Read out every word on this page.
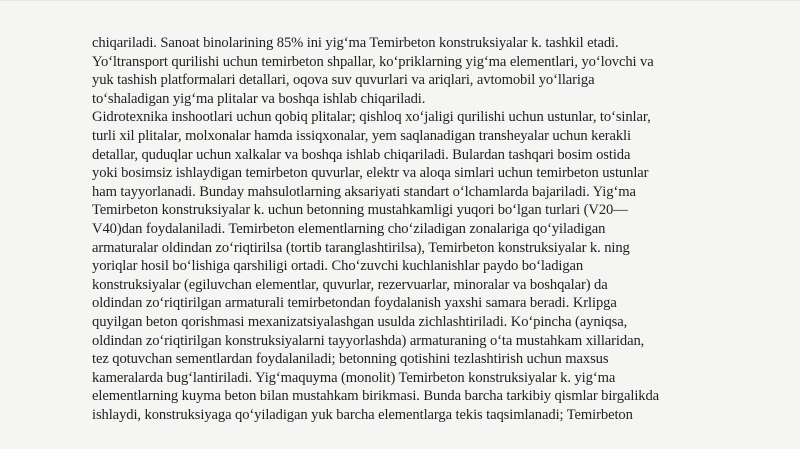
chiqariladi. Sanoat binolarining 85% ini yig‘ma Temirbeton konstruksiyalar k. tashkil etadi.
Yo‘ltransport qurilishi uchun temirbeton shpallar, ko‘priklarning yig‘ma elementlari, yo‘lovchi va
yuk tashish platformalari detallari, oqova suv quvurlari va ariqlari, avtomobil yo‘llariga
to‘shaladigan yig‘ma plitalar va boshqa ishlab chiqariladi.
Gidrotexnika inshootlari uchun qobiq plitalar; qishloq xo‘jaligi qurilishi uchun ustunlar, to‘sinlar,
turli xil plitalar, molxonalar hamda issiqxonalar, yem saqlanadigan transheyalar uchun kerakli
detallar, quduqlar uchun xalkalar va boshqa ishlab chiqariladi. Bulardan tashqari bosim ostida
yoki bosimsiz ishlaydigan temirbeton quvurlar, elektr va aloqa simlari uchun temirbeton ustunlar
ham tayyorlanadi. Bunday mahsulotlarning aksariyati standart o‘lchamlarda bajariladi. Yig‘ma
Temirbeton konstruksiyalar k. uchun betonning mustahkamligi yuqori bo‘lgan turlari (V20—
V40)dan foydalaniladi. Temirbeton elementlarning cho‘ziladigan zonalariga qo‘yiladigan
armaturalar oldindan zo‘riqtirilsa (tortib taranglashtirilsa), Temirbeton konstruksiyalar k. ning
yoriqlar hosil bo‘lishiga qarshiligi ortadi. Cho‘zuvchi kuchlanishlar paydo bo‘ladigan
konstruksiyalar (egiluvchan elementlar, quvurlar, rezervuarlar, minoralar va boshqalar) da
oldindan zo‘riqtirilgan armaturali temirbetondan foydalanish yaxshi samara beradi. Krlipga
quyilgan beton qorishmasi mexanizatsiyalashgan usulda zichlashtiriladi. Ko‘pincha (ayniqsa,
oldindan zo‘riqtirilgan konstruksiyalarni tayyorlashda) armaturaning o‘ta mustahkam xillaridan,
tez qotuvchan sementlardan foydalaniladi; betonning qotishini tezlashtirish uchun maxsus
kameralarda bug‘lantiriladi. Yig‘maquyma (monolit) Temirbeton konstruksiyalar k. yig‘ma
elementlarning kuyma beton bilan mustahkam birikmasi. Bunda barcha tarkibiy qismlar birgalikda
ishlaydi, konstruksiyaga qo‘yiladigan yuk barcha elementlarga tekis taqsimlanadi; Temirbeton
